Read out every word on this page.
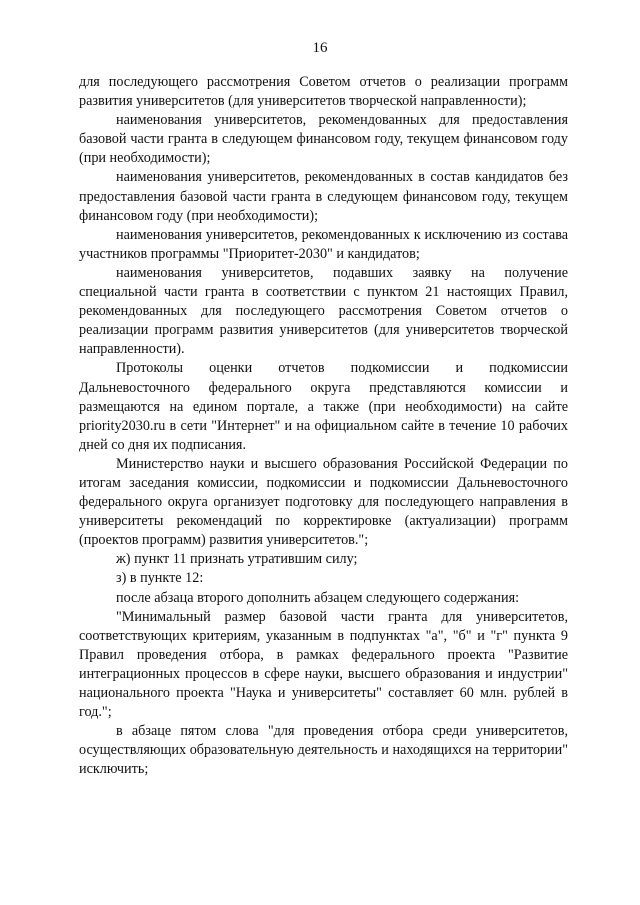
16

для последующего рассмотрения Советом отчетов о реализации программ развития университетов (для университетов творческой направленности);

наименования университетов, рекомендованных для предоставления базовой части гранта в следующем финансовом году, текущем финансовом году (при необходимости);

наименования университетов, рекомендованных в состав кандидатов без предоставления базовой части гранта в следующем финансовом году, текущем финансовом году (при необходимости);

наименования университетов, рекомендованных к исключению из состава участников программы "Приоритет-2030" и кандидатов;

наименования университетов, подавших заявку на получение специальной части гранта в соответствии с пунктом 21 настоящих Правил, рекомендованных для последующего рассмотрения Советом отчетов о реализации программ развития университетов (для университетов творческой направленности).

Протоколы оценки отчетов подкомиссии и подкомиссии Дальневосточного федерального округа представляются комиссии и размещаются на едином портале, а также (при необходимости) на сайте priority2030.ru в сети "Интернет" и на официальном сайте в течение 10 рабочих дней со дня их подписания.

Министерство науки и высшего образования Российской Федерации по итогам заседания комиссии, подкомиссии и подкомиссии Дальневосточного федерального округа организует подготовку для последующего направления в университеты рекомендаций по корректировке (актуализации) программ (проектов программ) развития университетов.";

ж) пункт 11 признать утратившим силу;

з) в пункте 12:

после абзаца второго дополнить абзацем следующего содержания:

"Минимальный размер базовой части гранта для университетов, соответствующих критериям, указанным в подпунктах "а", "б" и "г" пункта 9 Правил проведения отбора, в рамках федерального проекта "Развитие интеграционных процессов в сфере науки, высшего образования и индустрии" национального проекта "Наука и университеты" составляет 60 млн. рублей в год.";

в абзаце пятом слова "для проведения отбора среди университетов, осуществляющих образовательную деятельность и находящихся на территории" исключить;
